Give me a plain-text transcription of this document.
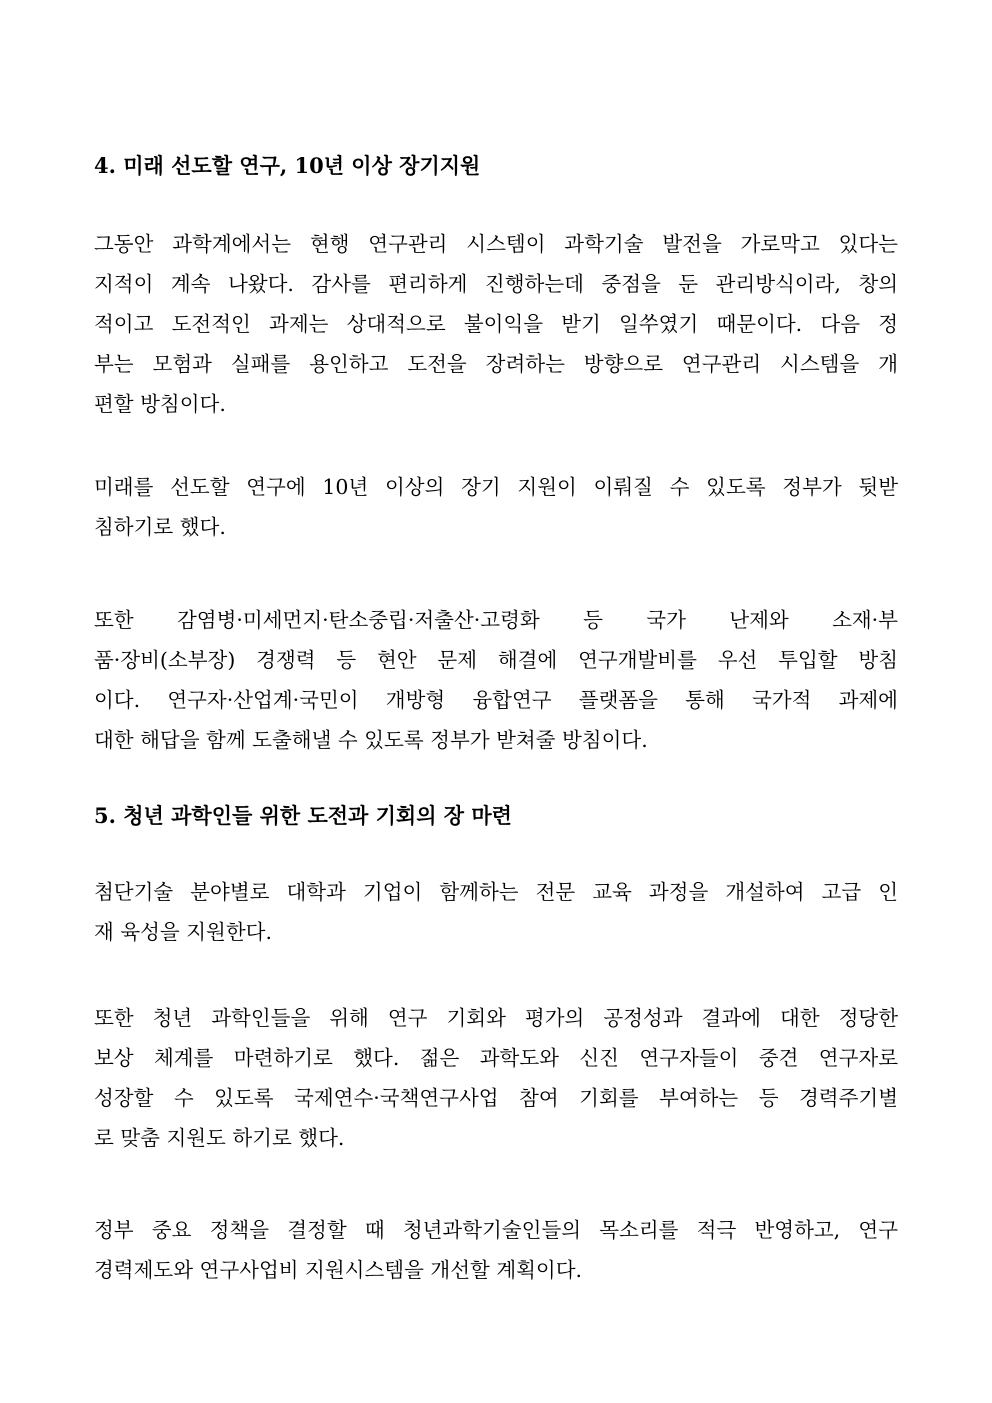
4. 미래 선도할 연구, 10년 이상 장기지원
그동안 과학계에서는 현행 연구관리 시스템이 과학기술 발전을 가로막고 있다는
지적이 계속 나왔다. 감사를 편리하게 진행하는데 중점을 둔 관리방식이라, 창의
적이고 도전적인 과제는 상대적으로 불이익을 받기 일쑤였기 때문이다. 다음 정
부는 모험과 실패를 용인하고 도전을 장려하는 방향으로 연구관리 시스템을 개
편할 방침이다.
미래를 선도할 연구에 10년 이상의 장기 지원이 이뤄질 수 있도록 정부가 뒷받
침하기로 했다.
또한 감염병·미세먼지·탄소중립·저출산·고령화 등 국가 난제와 소재·부
품·장비(소부장) 경쟁력 등 현안 문제 해결에 연구개발비를 우선 투입할 방침
이다. 연구자·산업계·국민이 개방형 융합연구 플랫폼을 통해 국가적 과제에
대한 해답을 함께 도출해낼 수 있도록 정부가 받쳐줄 방침이다.
5. 청년 과학인들 위한 도전과 기회의 장 마련
첨단기술 분야별로 대학과 기업이 함께하는 전문 교육 과정을 개설하여 고급 인
재 육성을 지원한다.
또한 청년 과학인들을 위해 연구 기회와 평가의 공정성과 결과에 대한 정당한
보상 체계를 마련하기로 했다. 젊은 과학도와 신진 연구자들이 중견 연구자로
성장할 수 있도록 국제연수·국책연구사업 참여 기회를 부여하는 등 경력주기별
로 맞춤 지원도 하기로 했다.
정부 중요 정책을 결정할 때 청년과학기술인들의 목소리를 적극 반영하고, 연구
경력제도와 연구사업비 지원시스템을 개선할 계획이다.
